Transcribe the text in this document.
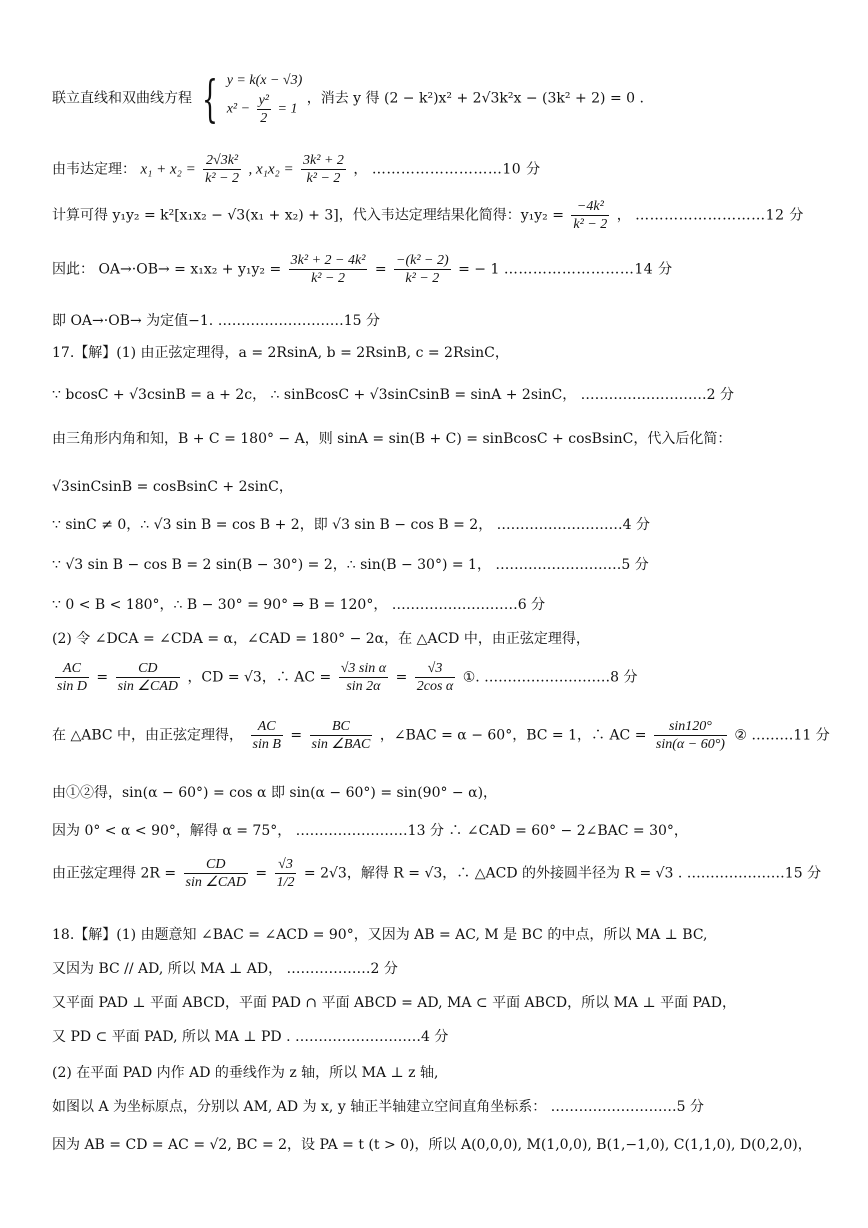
联立直线和双曲线方程 { y = k(x − √3)
$x^2 - \frac{\text{y²}}{2} = 1$
，消去 y 得 (2 − k²)x² + 2√3k²x − (3k² + 2) = 0 .
由韦达定理： $x_1 + x_2 = \frac{\text{2√3k²}}{\text{k² − 2}}$ , $x_1x_2 = \frac{\text{3k² + 2}}{\text{k² − 2}}$ ， ………………………10 分
计算可得 y₁y₂ = k²[x₁x₂ − √3(x₁ + x₂) + 3]，代入韦达定理结果化简得：$y_1y_2 = \frac{\text{−4k²}}{\text{k² − 2}}$ ， ………………………12 分
因此： $OA\to\cdot OB\to = x_1x_2 + y_1y_2 = \frac{\text{3k² + 2 − 4k²}}{\text{k² − 2}} = \frac{\text{−(k² − 2)}}{\text{k² − 2}}$ = − 1 ………………………14 分
即 OA→·OB→ 为定值−1. ………………………15 分
17.【解】(1) 由正弦定理得，a = 2RsinA, b = 2RsinB, c = 2RsinC，
∵ bcosC + √3csinB = a + 2c， ∴ sinBcosC + √3sinCsinB = sinA + 2sinC， ………………………2 分
由三角形内角和知，B + C = 180° − A，则 sinA = sin(B + C) = sinBcosC + cosBsinC，代入后化简：
√3sinCsinB = cosBsinC + 2sinC，
∵ sinC ≠ 0，∴ √3 sin B = cos B + 2，即 √3 sin B − cos B = 2， ………………………4 分
∵ √3 sin B − cos B = 2 sin(B − 30°) = 2，∴ sin(B − 30°) = 1， ………………………5 分
∵ 0 < B < 180°，∴ B − 30° = 90° ⇒ B = 120°， ………………………6 分
(2) 令 ∠DCA = ∠CDA = α，∠CAD = 180° − 2α，在 △ACD 中，由正弦定理得，
$\frac{AC}{\text{sin D}} = \frac{CD}{\text{sin ∠CAD}}$ ，CD = √3，∴ AC = $\frac{\text{√3 sin α}}{\sin 2\alpha} = \frac{√3}{\text{2cos α}}$ ①. ………………………8 分
在 △ABC 中，由正弦定理得， $\frac{AC}{\text{sin B}} = \frac{BC}{\text{sin ∠BAC}}$ ，∠BAC = α − 60°，BC = 1，∴ AC = $\frac{\sin 120^\circ}{\sin(\alpha - 60^\circ)}$ ② ………11 分
由①②得，sin(α − 60°) = cos α 即 sin(α − 60°) = sin(90° − α)，
因为 0° < α < 90°，解得 α = 75°， ……………………13 分 ∴ ∠CAD = 60° − 2∠BAC = 30°，
由正弦定理得 $2R = \frac{CD}{\text{sin ∠CAD}} = \frac{√3}{1/2} = 2√3$，解得 R = √3，∴ △ACD 的外接圆半径为 R = √3 . …………………15 分
18.【解】(1) 由题意知 ∠BAC = ∠ACD = 90°，又因为 AB = AC, M 是 BC 的中点，所以 MA ⊥ BC,
又因为 BC // AD, 所以 MA ⊥ AD， ………………2 分
又平面 PAD ⊥ 平面 ABCD，平面 PAD ∩ 平面 ABCD = AD, MA ⊂ 平面 ABCD，所以 MA ⊥ 平面 PAD，
又 PD ⊂ 平面 PAD, 所以 MA ⊥ PD . ………………………4 分
(2) 在平面 PAD 内作 AD 的垂线作为 z 轴，所以 MA ⊥ z 轴,
如图以 A 为坐标原点，分别以 AM, AD 为 x, y 轴正半轴建立空间直角坐标系： ………………………5 分
因为 AB = CD = AC = √2, BC = 2，设 PA = t (t > 0)，所以 A(0,0,0), M(1,0,0), B(1,−1,0), C(1,1,0), D(0,2,0)，
